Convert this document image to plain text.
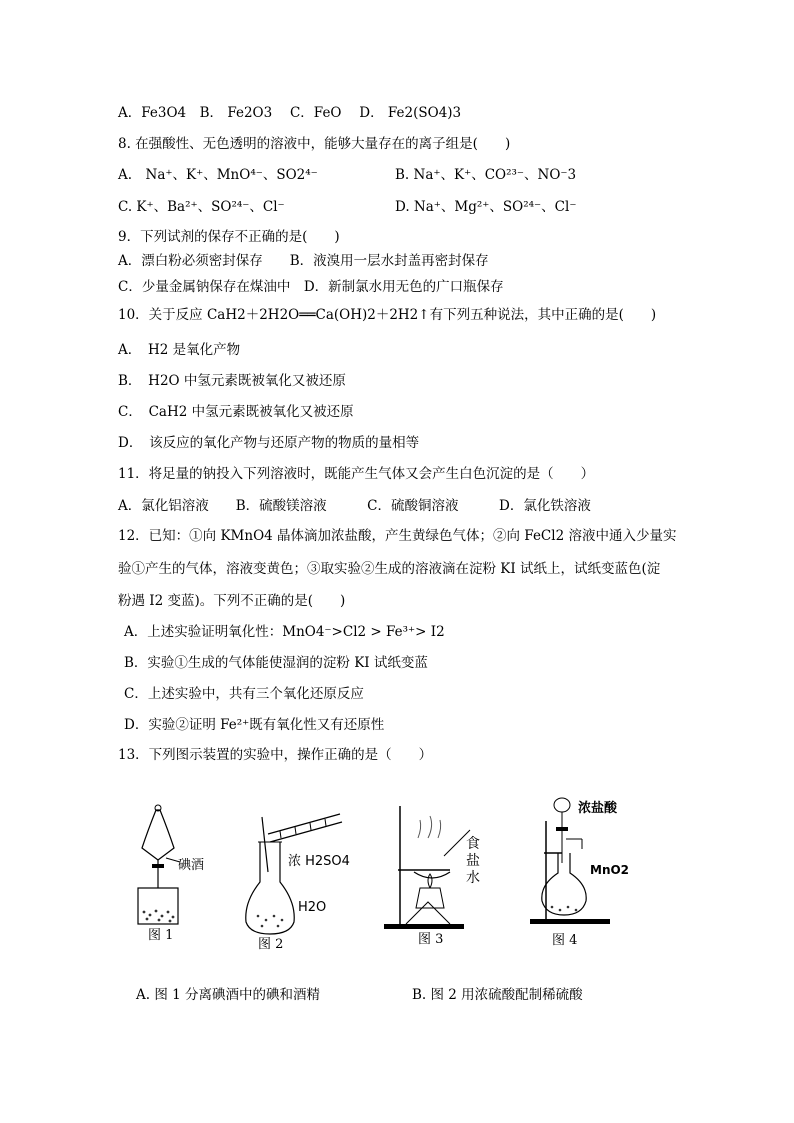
A．Fe3O4　B． Fe2O3　 C．FeO　 D． Fe2(SO4)3
8. 在强酸性、无色透明的溶液中，能够大量存在的离子组是(　　)
A.　Na⁺、K⁺、MnO⁴⁻、SO2⁴⁻	B. Na⁺、K⁺、CO²³⁻、NO⁻3
C. K⁺、Ba²⁺、SO²⁴⁻、Cl⁻	D. Na⁺、Mg²⁺、SO²⁴⁻、Cl⁻
9．下列试剂的保存不正确的是(　　)
A．漂白粉必须密封保存　　B．液溴用一层水封盖再密封保存
C．少量金属钠保存在煤油中　D．新制氯水用无色的广口瓶保存
10．关于反应 CaH2＋2H2O══Ca(OH)2＋2H2↑有下列五种说法，其中正确的是(　　)
A．　H2 是氧化产物
B．　H2O 中氢元素既被氧化又被还原
C．　CaH2 中氢元素既被氧化又被还原
D．　该反应的氧化产物与还原产物的物质的量相等
11．将足量的钠投入下列溶液时，既能产生气体又会产生白色沉淀的是（　　）
A．氯化铝溶液　　B．硫酸镁溶液　　　C．硫酸铜溶液　　　D．氯化铁溶液
12．已知：①向 KMnO4 晶体滴加浓盐酸，产生黄绿色气体；②向 FeCl2 溶液中通入少量实
验①产生的气体，溶液变黄色；③取实验②生成的溶液滴在淀粉 KI 试纸上，试纸变蓝色(淀
粉遇 I2 变蓝)。下列不正确的是(　　)
A．上述实验证明氧化性：MnO4⁻>Cl2 > Fe³⁺> I2
B．实验①生成的气体能使湿润的淀粉 KI 试纸变蓝
C．上述实验中，共有三个氧化还原反应
D．实验②证明 Fe²⁺既有氧化性又有还原性
13．下列图示装置的实验中，操作正确的是（　　）
碘酒
图 1
浓 H2SO4
H2O
图 2
食盐水
图 3
浓盐酸
MnO2
图 4
A. 图 1 分离碘酒中的碘和酒精	B. 图 2 用浓硫酸配制稀硫酸
